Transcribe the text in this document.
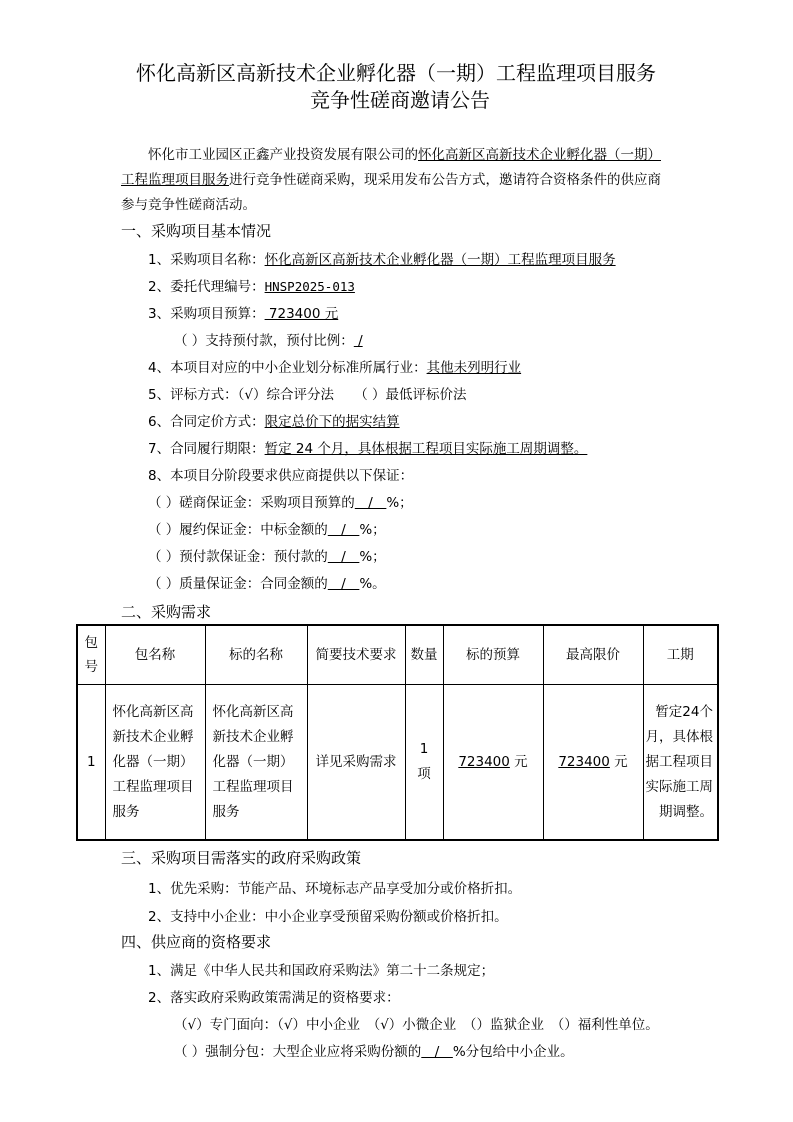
怀化高新区高新技术企业孵化器（一期）工程监理项目服务
竞争性磋商邀请公告
怀化市工业园区正鑫产业投资发展有限公司的怀化高新区高新技术企业孵化器（一期）
工程监理项目服务进行竞争性磋商采购，现采用发布公告方式，邀请符合资格条件的供应商
参与竞争性磋商活动。
一、采购项目基本情况
1、采购项目名称：怀化高新区高新技术企业孵化器（一期）工程监理项目服务
2、委托代理编号：HNSP2025-013
3、采购项目预算： 723400 元
（ ）支持预付款，预付比例： /
4、本项目对应的中小企业划分标准所属行业：其他未列明行业
5、评标方式：（√）综合评分法　　（ ）最低评标价法
6、合同定价方式：限定总价下的据实结算
7、合同履行期限：暂定 24 个月，具体根据工程项目实际施工周期调整。
8、本项目分阶段要求供应商提供以下保证：
（ ）磋商保证金：采购项目预算的　/　%；
（ ）履约保证金：中标金额的　/　%；
（ ）预付款保证金：预付款的　/　%；
（ ）质量保证金：合同金额的　/　%。
二、采购需求
包号	包名称	标的名称	简要技术要求	数量	标的预算	最高限价	工期
1	怀化高新区高新技术企业孵化器（一期）工程监理项目服务	怀化高新区高新技术企业孵化器（一期）工程监理项目服务	详见采购需求	1项	723400 元	723400 元	暂定24个月，具体根据工程项目实际施工周期调整。
三、采购项目需落实的政府采购政策
1、优先采购：节能产品、环境标志产品享受加分或价格折扣。
2、支持中小企业：中小企业享受预留采购份额或价格折扣。
四、供应商的资格要求
1、满足《中华人民共和国政府采购法》第二十二条规定；
2、落实政府采购政策需满足的资格要求：
（√）专门面向：（√）中小企业　（√）小微企业　（）监狱企业　（）福利性单位。
（ ）强制分包：大型企业应将采购份额的　/　%分包给中小企业。
